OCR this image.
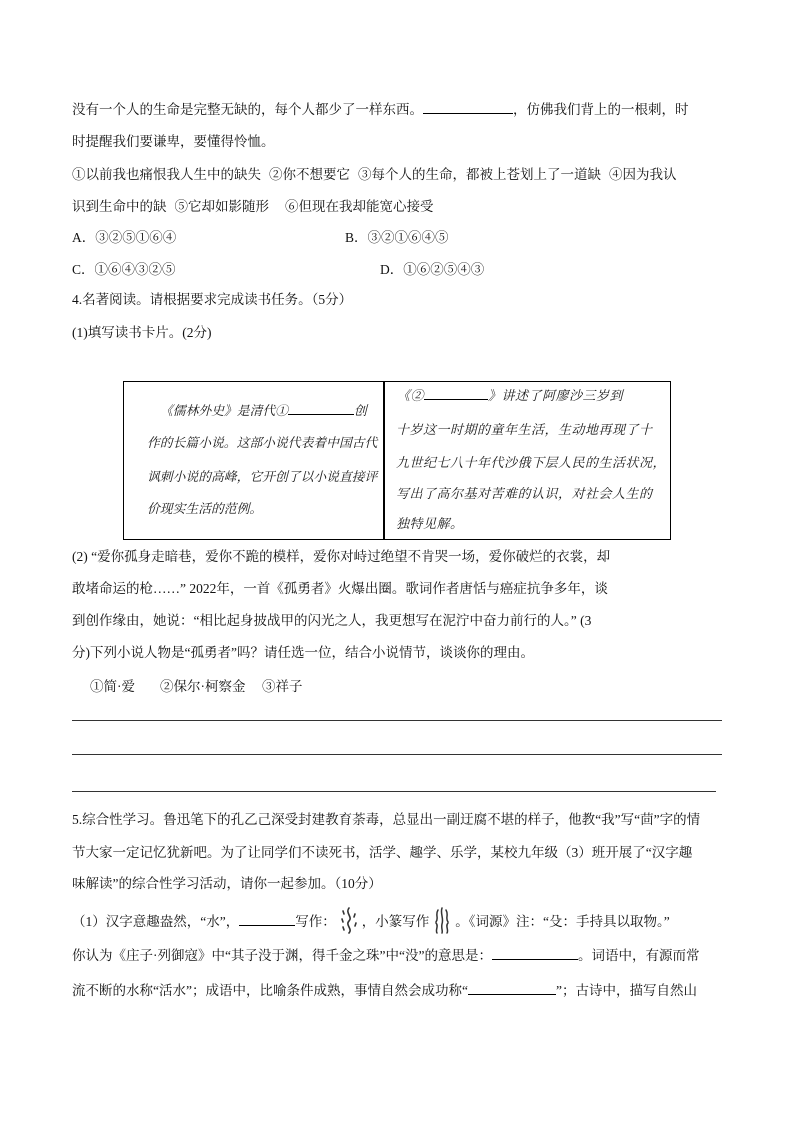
没有一个人的生命是完整无缺的，每个人都少了一样东西。	，仿佛我们背上的一根刺，时
时提醒我们要谦卑，要懂得怜恤。
①以前我也痛恨我人生中的缺失 ②你不想要它 ③每个人的生命，都被上苍划上了一道缺 ④因为我认
识到生命中的缺 ⑤它却如影随形 ⑥但现在我却能宽心接受
A．③②⑤①⑥④	B．③②①⑥④⑤
C．①⑥④③②⑤	D．①⑥②⑤④③
4.名著阅读。请根据要求完成读书任务。（5分）
(1)填写读书卡片。(2分)
《儒林外史》是清代①	创
作的长篇小说。这部小说代表着中国古代
讽刺小说的高峰，它开创了以小说直接评
价现实生活的范例。
《②	》讲述了阿廖沙三岁到
十岁这一时期的童年生活，生动地再现了十
九世纪七八十年代沙俄下层人民的生活状况，
写出了高尔基对苦难的认识，对社会人生的
独特见解。
(2) “爱你孤身走暗巷，爱你不跪的模样，爱你对峙过绝望不肯哭一场，爱你破烂的衣裳，却
敢堵命运的枪……” 2022年，一首《孤勇者》火爆出圈。歌词作者唐恬与癌症抗争多年，谈
到创作缘由，她说：“相比起身披战甲的闪光之人，我更想写在泥泞中奋力前行的人。” (3
分)下列小说人物是“孤勇者”吗？请任选一位，结合小说情节，谈谈你的理由。
①简·爱 ②保尔·柯察金 ③祥子
5.综合性学习。鲁迅笔下的孔乙己深受封建教育荼毒，总显出一副迂腐不堪的样子，他教“我”写“茴”字的情
节大家一定记忆犹新吧。为了让同学们不读死书，活学、趣学、乐学，某校九年级（3）班开展了“汉字趣
味解读”的综合性学习活动，请你一起参加。（10分）
（1）汉字意趣盎然，“水”，	写作： ，小篆写作 。《词源》注：“殳：手持具以取物。”
你认为《庄子·列御寇》中“其子没于渊，得千金之珠”中“没”的意思是：	。词语中，有源而常
流不断的水称“活水”；成语中，比喻条件成熟，事情自然会成功称“	”；古诗中，描写自然山
